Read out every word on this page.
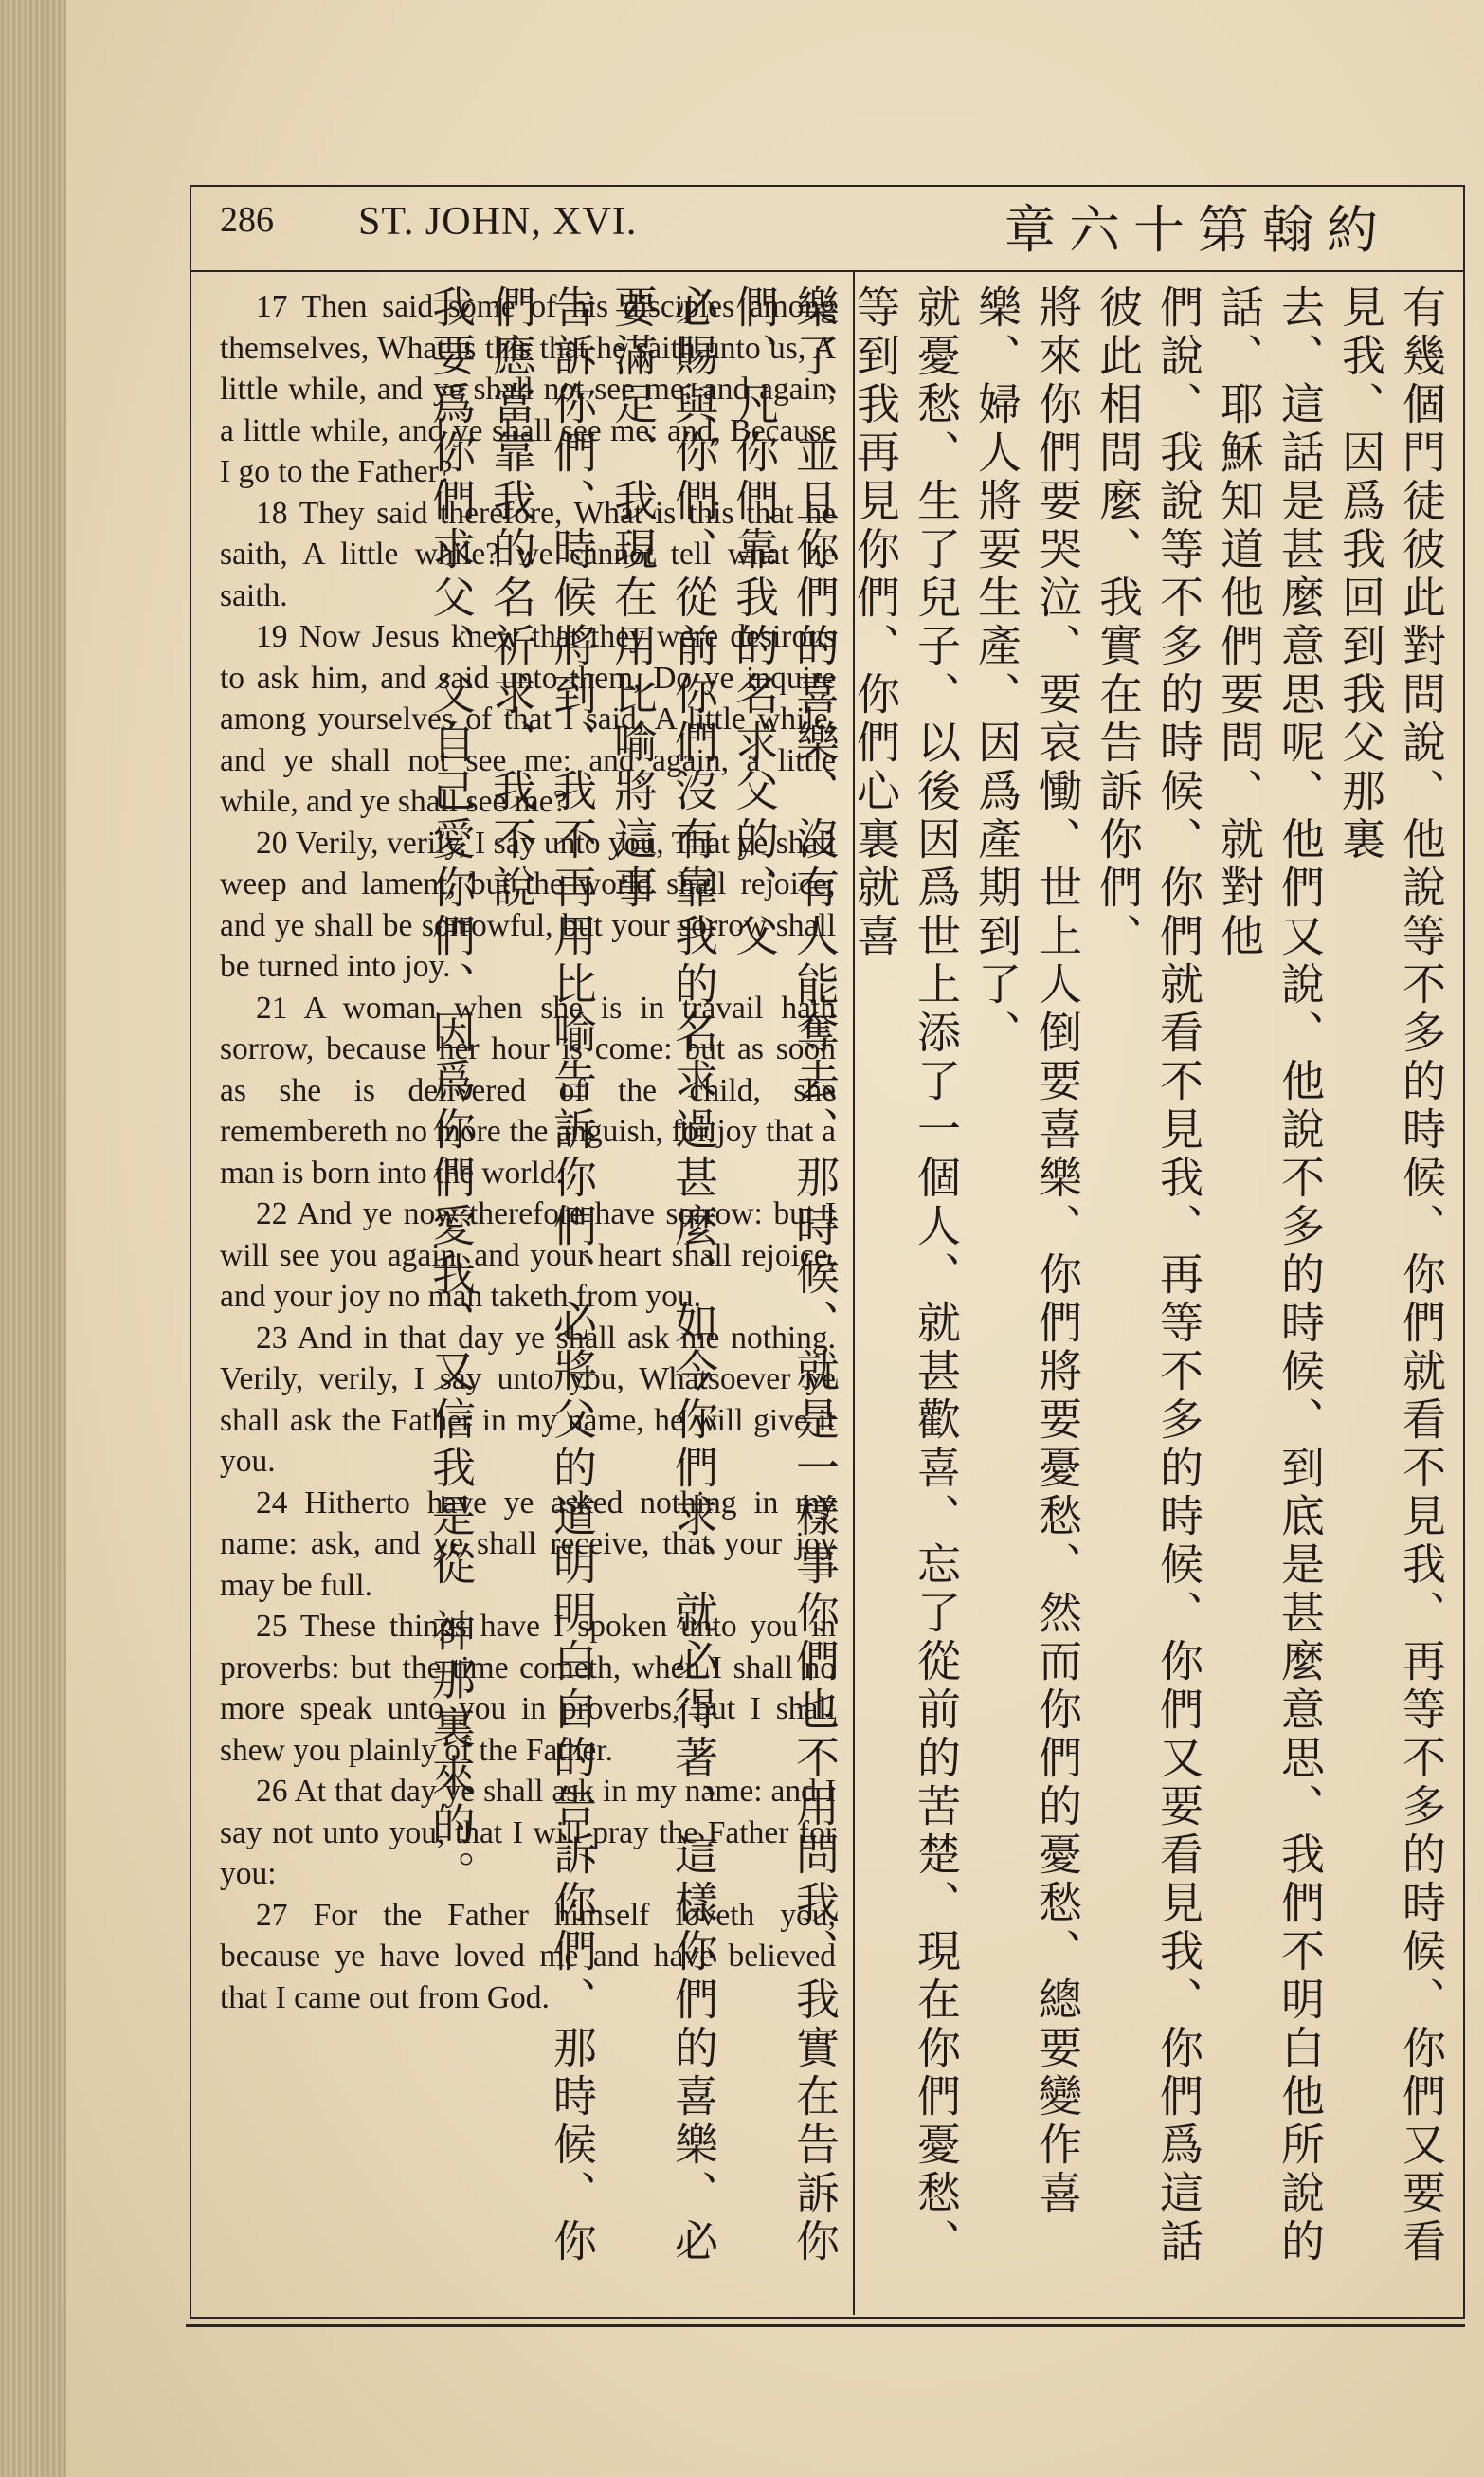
286 ST. JOHN, XVI.	章六十第翰約

17 Then said some of his disciples among themselves, What is this that he saith unto us, A little while, and ye shall not see me: and again, a little while, and ye shall see me: and, Because I go to the Father?

18 They said therefore, What is this that he saith, A little while? we cannot tell what he saith.

19 Now Jesus knew that they were desirous to ask him, and said unto them, Do ye inquire among yourselves of that I said, A little while, and ye shall not see me: and again, a little while, and ye shall see me?

20 Verily, verily, I say unto you, That ye shall weep and lament, but the world shall rejoice; and ye shall be sorrowful, but your sorrow shall be turned into joy.

21 A woman when she is in travail hath sorrow, because her hour is come: but as soon as she is delivered of the child, she remembereth no more the anguish, for joy that a man is born into the world.

22 And ye now therefore have sorrow: but I will see you again, and your heart shall rejoice, and your joy no man taketh from you.

23 And in that day ye shall ask me nothing. Verily, verily, I say unto you, Whatsoever ye shall ask the Father in my name, he will give it you.

24 Hitherto have ye asked nothing in my name: ask, and ye shall receive, that your joy may be full.

25 These things have I spoken unto you in proverbs: but the time cometh, when I shall no more speak unto you in proverbs, but I shall shew you plainly of the Father.

26 At that day ye shall ask in my name: and I say not unto you, that I will pray the Father for you:

27 For the Father himself loveth you, because ye have loved me and have believed that I came out from God.	有幾個門徒彼此對問說、他說等不多的時候、你們就看不見我、再等不多的時候、你們又要看見我、因爲我回到我父那裏

去、這話是甚麼意思呢、他們又說、他說不多的時候、到底是甚麼意思、我們不明白他所說的話、耶穌知道他們要問、就對他

們說、我說等不多的時候、你們就看不見我、再等不多的時候、你們又要看見我、你們爲這話彼此相問麼、我實在告訴你們、

將來你們要哭泣、要哀慟、世上人倒要喜樂、你們將要憂愁、然而你們的憂愁、總要變作喜樂、婦人將要生產、因爲產期到了、

就憂愁、生了兒子、以後因爲世上添了一個人、就甚歡喜、忘了從前的苦楚、現在你們憂愁、等到我再見你們、你們心裏就喜

樂了、並且你們的喜樂、沒有人能奪去、那時候、就是一樣事你們也不用問我、我實在告訴你們、凡你們靠我的名求父的、父

必賜與你們、從前你們沒有靠我的名求過甚麼、如今你們求、就必得著、這樣你們的喜樂、必要滿足、我現在用比喻將這事

告訴你們、時候將到、我不再用比喻告訴你們、必將父的道明明白白的告訴你們、那時候、你們應當靠我的名祈求、我不說

我要爲你們求父、父自己愛你們、因爲你們愛我、又信我是從 神那裏來的。
